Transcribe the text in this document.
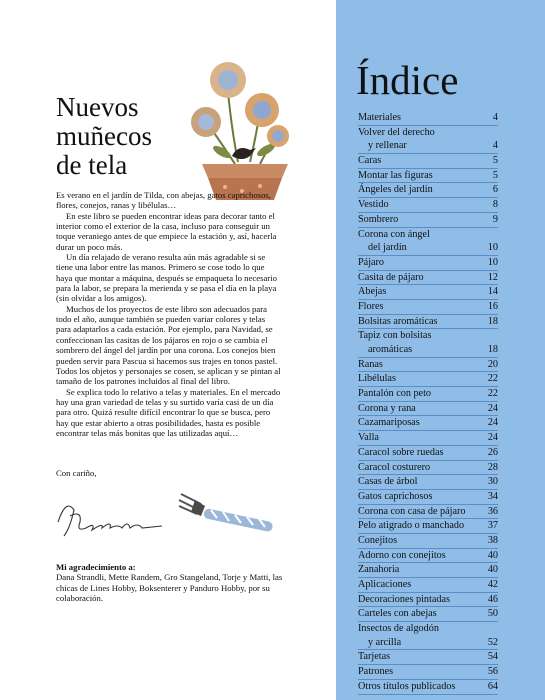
Nuevos
muñecos
de tela

Es verano en el jardín de Tilda, con abejas, gatos caprichosos, flores, conejos, ranas y libélulas…

En este libro se pueden encontrar ideas para decorar tanto el interior como el exterior de la casa, incluso para conseguir un toque veraniego antes de que empiece la estación y, así, hacerla durar un poco más.

Un día relajado de verano resulta aún más agradable si se tiene una labor entre las manos. Primero se cose todo lo que haya que montar a máquina, después se empaqueta lo necesario para la labor, se prepara la merienda y se pasa el día en la playa (sin olvidar a los amigos).

Muchos de los proyectos de este libro son adecuados para todo el año, aunque también se pueden variar colores y telas para adaptarlos a cada estación. Por ejemplo, para Navidad, se confeccionan las casitas de los pájaros en rojo o se cambia el sombrero del ángel del jardín por una corona. Los conejos bien pueden servir para Pascua si hacemos sus trajes en tonos pastel. Todos los objetos y personajes se cosen, se aplican y se pintan al tamaño de los patrones incluidos al final del libro.

Se explica todo lo relativo a telas y materiales. En el mercado hay una gran variedad de telas y su surtido varía casi de un día para otro. Quizá resulte difícil encontrar lo que se busca, pero hay que estar abierto a otras posibilidades, hasta es posible encontrar telas más bonitas que las utilizadas aquí…

Con cariño,
Mi agradecimiento a:
Dana Strandli, Mette Randem, Gro Stangeland, Torje y Matti, las chicas de Lines Hobby, Boksenterer y Panduro Hobby, por su colaboración.
Índice
Materiales	4
Volver del derecho
y rellenar	4
Caras	5
Montar las figuras	5
Ángeles del jardín	6
Vestido	8
Sombrero	9
Corona con ángel
del jardín	10
Pájaro	10
Casita de pájaro	12
Abejas	14
Flores	16
Bolsitas aromáticas	18
Tapiz con bolsitas
aromáticas	18
Ranas	20
Libélulas	22
Pantalón con peto	22
Corona y rana	24
Cazamariposas	24
Valla	24
Caracol sobre ruedas	26
Caracol costurero	28
Casas de árbol	30
Gatos caprichosos	34
Corona con casa de pájaro 36
Pelo atigrado o manchado 37
Conejitos	38
Adorno con conejitos	40
Zanahoria	40
Aplicaciones	42
Decoraciones pintadas	46
Carteles con abejas	50
Insectos de algodón
y arcilla	52
Tarjetas	54
Patrones	56
Otros títulos publicados	64
